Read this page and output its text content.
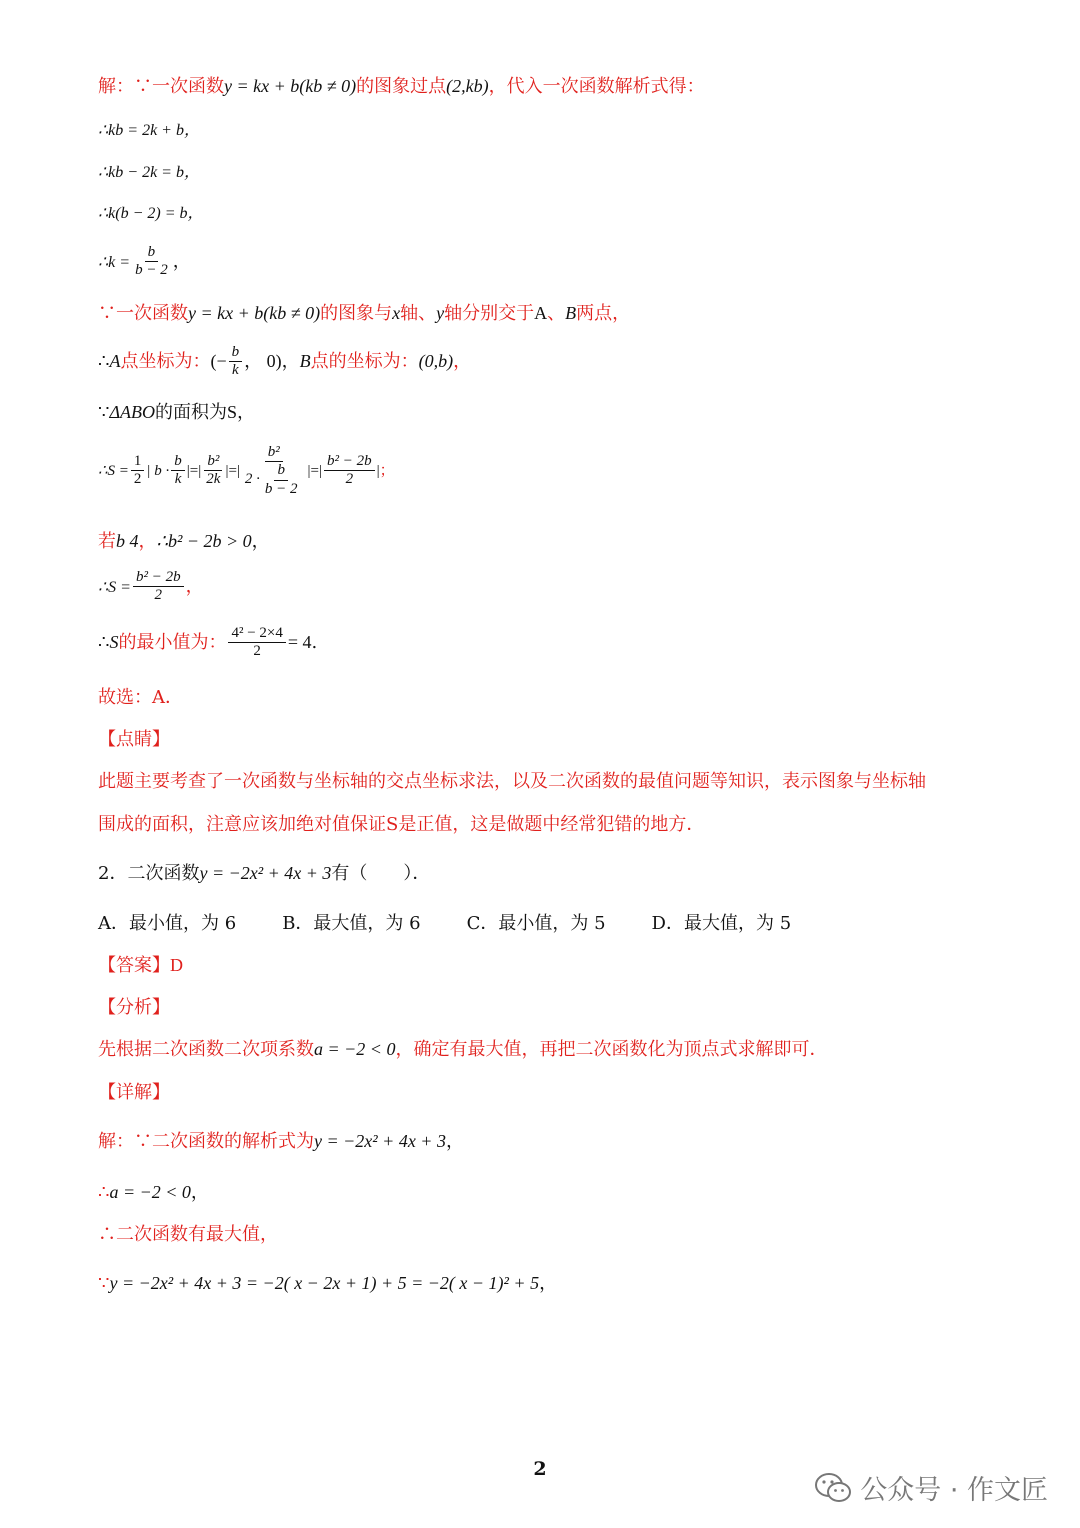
解：∵一次函数y = kx + b(kb ≠ 0)的图象过点(2,kb)，代入一次函数解析式得：
∴kb = 2k + b，
∴kb − 2k = b，
∴k(b − 2) = b，
∴k = $\frac{b}{b - 2}$ ，
∵一次函数y = kx + b(kb ≠ 0)的图象与x轴、y轴分别交于A、B两点，
∴A点坐标为：(− $\frac{b}{k}$ ， 0)，B点的坐标为：(0,b)，
∵ΔABO的面积为S，
∴S = $\frac{1}{2}$ | $b \cdot \frac{b}{k}$ |=| $\frac{\text{b²}}{2k}$ |=| $\frac{\text{b²}}{2 \cdot \frac{b}{b - 2}}$ |=| $\frac{\text{b² − 2b}}{2}$ |；
若b 4，∴b² − 2b > 0，
∴S = $\frac{\text{b² − 2b}}{2}$ ，
∴S的最小值为： $\frac{\text{4² − 2×4}}{2} = 4$.
故选：A．
【点睛】
此题主要考查了一次函数与坐标轴的交点坐标求法，以及二次函数的最值问题等知识，表示图象与坐标轴
围成的面积，注意应该加绝对值保证S是正值，这是做题中经常犯错的地方．
2．二次函数y = −2x² + 4x + 3有（　　）．
A．最小值，为 6	B．最大值，为 6	C．最小值，为 5	D．最大值，为 5
【答案】D
【分析】
先根据二次函数二次项系数a = −2 < 0，确定有最大值，再把二次函数化为顶点式求解即可．
【详解】
解：∵二次函数的解析式为y = −2x² + 4x + 3，
∴a = −2 < 0，
∴二次函数有最大值，
∵y = −2x² + 4x + 3 = −2( x − 2x + 1) + 5 = −2( x − 1)² + 5，
2
公众号 · 作文匠
